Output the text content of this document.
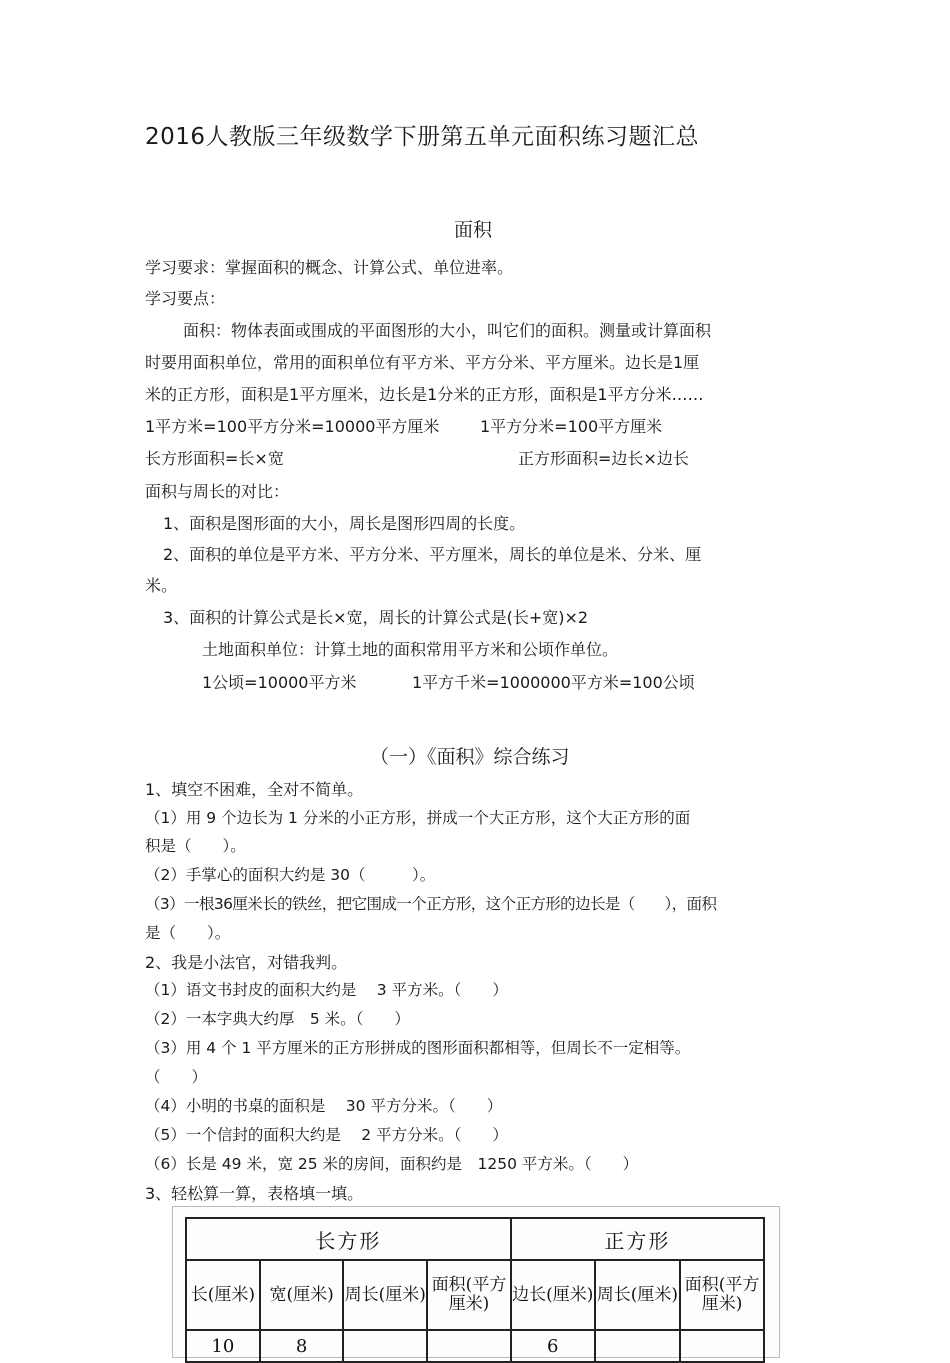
2016人教版三年级数学下册第五单元面积练习题汇总
面积
学习要求：掌握面积的概念、计算公式、单位进率。
学习要点：
面积：物体表面或围成的平面图形的大小，叫它们的面积。测量或计算面积
时要用面积单位，常用的面积单位有平方米、平方分米、平方厘米。边长是1厘
米的正方形，面积是1平方厘米，边长是1分米的正方形，面积是1平方分米……
1平方米=100平方分米=10000平方厘米	1平方分米=100平方厘米
长方形面积=长×宽	正方形面积=边长×边长
面积与周长的对比：
1、面积是图形面的大小，周长是图形四周的长度。
2、面积的单位是平方米、平方分米、平方厘米，周长的单位是米、分米、厘
米。
3、面积的计算公式是长×宽，周长的计算公式是(长+宽)×2
土地面积单位：计算土地的面积常用平方米和公顷作单位。
1公顷=10000平方米	1平方千米=1000000平方米=100公顷
（一）《面积》综合练习
1、填空不困难，全对不简单。
（1）用 9 个边长为 1 分米的小正方形，拼成一个大正方形，这个大正方形的面
积是（　　）。
（2）手掌心的面积大约是 30（　　　）。
（3）一根36厘米长的铁丝，把它围成一个正方形，这个正方形的边长是（　　），面积
是（　　）。
2、我是小法官，对错我判。
（1）语文书封皮的面积大约是　 3 平方米。（　　）
（2）一本字典大约厚　5 米。（　　）
（3）用 4 个 1 平方厘米的正方形拼成的图形面积都相等，但周长不一定相等。
（　　）
（4）小明的书桌的面积是　 30 平方分米。（　　）
（5）一个信封的面积大约是　 2 平方分米。（　　）
（6）长是 49 米，宽 25 米的房间，面积约是　1250 平方米。（　　）
3、轻松算一算，表格填一填。
长方形				正方形		
长(厘米)	宽(厘米)	周长(厘米)	面积(平方厘米)	边长(厘米)	周长(厘米)	面积(平方厘米)
10	8			6		
